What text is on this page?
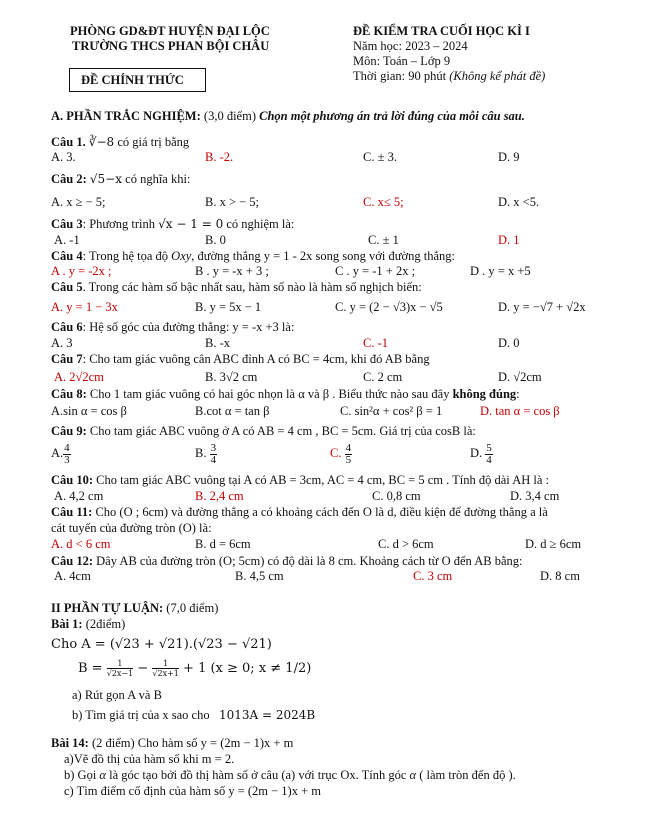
PHÒNG GD&ĐT HUYỆN ĐẠI LỘC
TRƯỜNG THCS PHAN BỘI CHÂU
ĐỀ CHÍNH THỨC
ĐỀ KIỂM TRA CUỐI HỌC KÌ I
Năm học: 2023 – 2024
Môn: Toán – Lớp 9
Thời gian: 90 phút (Không kể phát đề)
A. PHẦN TRẮC NGHIỆM: (3,0 điểm) Chọn một phương án trả lời đúng của mỗi câu sau.
Câu 1. ∛−8 có giá trị bằng
A. 3.	B. -2.	C. ± 3.	D. 9
Câu 2: √5−x có nghĩa khi:
A. x ≥ − 5;	B. x > − 5;	C. x≤ 5;	D. x <5.
Câu 3: Phương trình √x − 1 = 0 có nghiệm là:
A. -1	B. 0	C. ± 1	D. 1
Câu 4: Trong hệ tọa độ Oxy, đường thẳng y = 1 - 2x song song với đường thẳng:
A . y = -2x ;	B . y = -x + 3 ;	C . y = -1 + 2x ;	D . y = x +5
Câu 5. Trong các hàm số bậc nhất sau, hàm số nào là hàm số nghịch biến:
A. y = 1 − 3x	B. y = 5x − 1	C. y = (2 − √3)x − √5	D. y = −√7 + √2x
Câu 6: Hệ số góc của đường thẳng: y = -x +3 là:
A. 3	B. -x	C. -1	D. 0
Câu 7: Cho tam giác vuông cân ABC đỉnh A có BC = 4cm, khi đó AB bằng
A. 2√2cm	B. 3√2 cm	C. 2 cm	D. √2cm
Câu 8: Cho 1 tam giác vuông có hai góc nhọn là α và β . Biểu thức nào sau đây không đúng:
A.sin α = cos β	B.cot α = tan β	C. sin²α + cos² β = 1	D. tan α = cos β
Câu 9: Cho tam giác ABC vuông ở A có AB = 4 cm , BC = 5cm. Giá trị của cosB là:
A. $\frac{4}{3}$	B. $\frac{3}{4}$	C. $\frac{4}{5}$	D. $\frac{5}{4}$
Câu 10: Cho tam giác ABC vuông tại A có AB = 3cm, AC = 4 cm, BC = 5 cm . Tính độ dài AH là :
A. 4,2 cm	B. 2,4 cm	C. 0,8 cm	D. 3,4 cm
Câu 11: Cho (O ; 6cm) và đường thẳng a có khoảng cách đến O là d, điều kiện để đường thẳng a là
cát tuyến của đường tròn (O) là:
A. d < 6 cm	B. d = 6cm	C. d > 6cm	D. d ≥ 6cm
Câu 12: Dây AB của đường tròn (O; 5cm) có độ dài là 8 cm. Khoảng cách từ O đến AB bằng:
A. 4cm	B. 4,5 cm	C. 3 cm	D. 8 cm
II PHẦN TỰ LUẬN: (7,0 điểm)
Bài 1: (2điểm)
Cho A = (√23 + √21).(√23 − √21)
$B = \frac{1}{√2x-1} - \frac{1}{√2x+1} + 1$ (x ≥ 0; x ≠ 1/2)
a) Rút gọn A và B
b) Tìm giá trị của x sao cho 1013A = 2024B
Bài 14: (2 điểm) Cho hàm số y = (2m − 1)x + m
a)Vẽ đồ thị của hàm số khi m = 2.
b) Gọi α là góc tạo bởi đồ thị hàm số ở câu (a) với trục Ox. Tính góc α ( làm tròn đến độ ).
c) Tìm điểm cố định của hàm số y = (2m − 1)x + m
